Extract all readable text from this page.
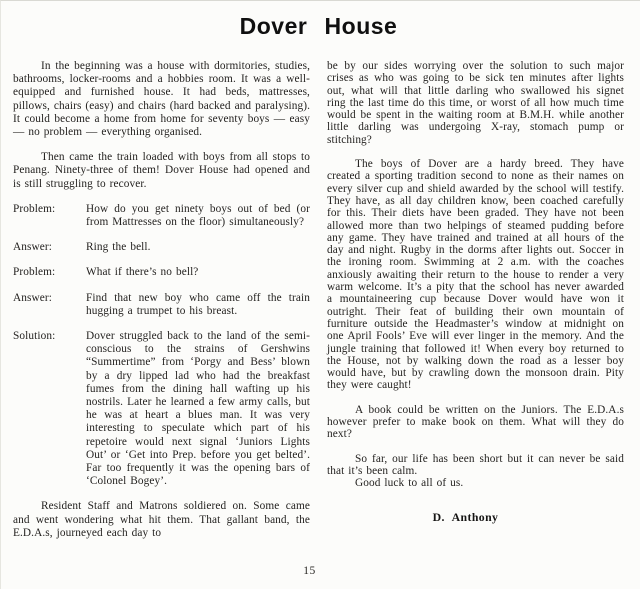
Dover House

In the beginning was a house with dormitories, studies, bathrooms, locker-rooms and a hobbies room. It was a well-equipped and furnished house. It had beds, mattresses, pillows, chairs (easy) and chairs (hard backed and paralysing). It could become a home from home for seventy boys — easy — no problem — everything organised.

Then came the train loaded with boys from all stops to Penang. Ninety-three of them! Dover House had opened and is still struggling to recover.

Problem:	How do you get ninety boys out of bed (or from Mattresses on the floor) simultaneously?
Answer:	Ring the bell.
Problem:	What if there’s no bell?
Answer:	Find that new boy who came off the train hugging a trumpet to his breast.
Solution:	Dover struggled back to the land of the semi-conscious to the strains of Gershwins “Summertime” from ‘Porgy and Bess’ blown by a dry lipped lad who had the breakfast fumes from the dining hall wafting up his nostrils. Later he learned a few army calls, but he was at heart a blues man. It was very interesting to speculate which part of his repetoire would next signal ‘Juniors Lights Out’ or ‘Get into Prep. before you get belted’. Far too frequently it was the opening bars of ‘Colonel Bogey’.

Resident Staff and Matrons soldiered on. Some came and went wondering what hit them. That gallant band, the E.D.A.s, journeyed each day to

be by our sides worrying over the solution to such major crises as who was going to be sick ten minutes after lights out, what will that little darling who swallowed his signet ring the last time do this time, or worst of all how much time would be spent in the waiting room at B.M.H. while another little darling was undergoing X-ray, stomach pump or stitching?

The boys of Dover are a hardy breed. They have created a sporting tradition second to none as their names on every silver cup and shield awarded by the school will testify. They have, as all day children know, been coached carefully for this. Their diets have been graded. They have not been allowed more than two helpings of steamed pudding before any game. They have trained and trained at all hours of the day and night. Rugby in the dorms after lights out. Soccer in the ironing room. Swimming at 2 a.m. with the coaches anxiously awaiting their return to the house to render a very warm welcome. It’s a pity that the school has never awarded a mountaineering cup because Dover would have won it outright. Their feat of building their own mountain of furniture outside the Headmaster’s window at midnight on one April Fools’ Eve will ever linger in the memory. And the jungle training that followed it! When every boy returned to the House, not by walking down the road as a lesser boy would have, but by crawling down the monsoon drain. Pity they were caught!

A book could be written on the Juniors. The E.D.A.s however prefer to make book on them. What will they do next?

So far, our life has been short but it can never be said that it’s been calm.

Good luck to all of us.

D. Anthony
15
